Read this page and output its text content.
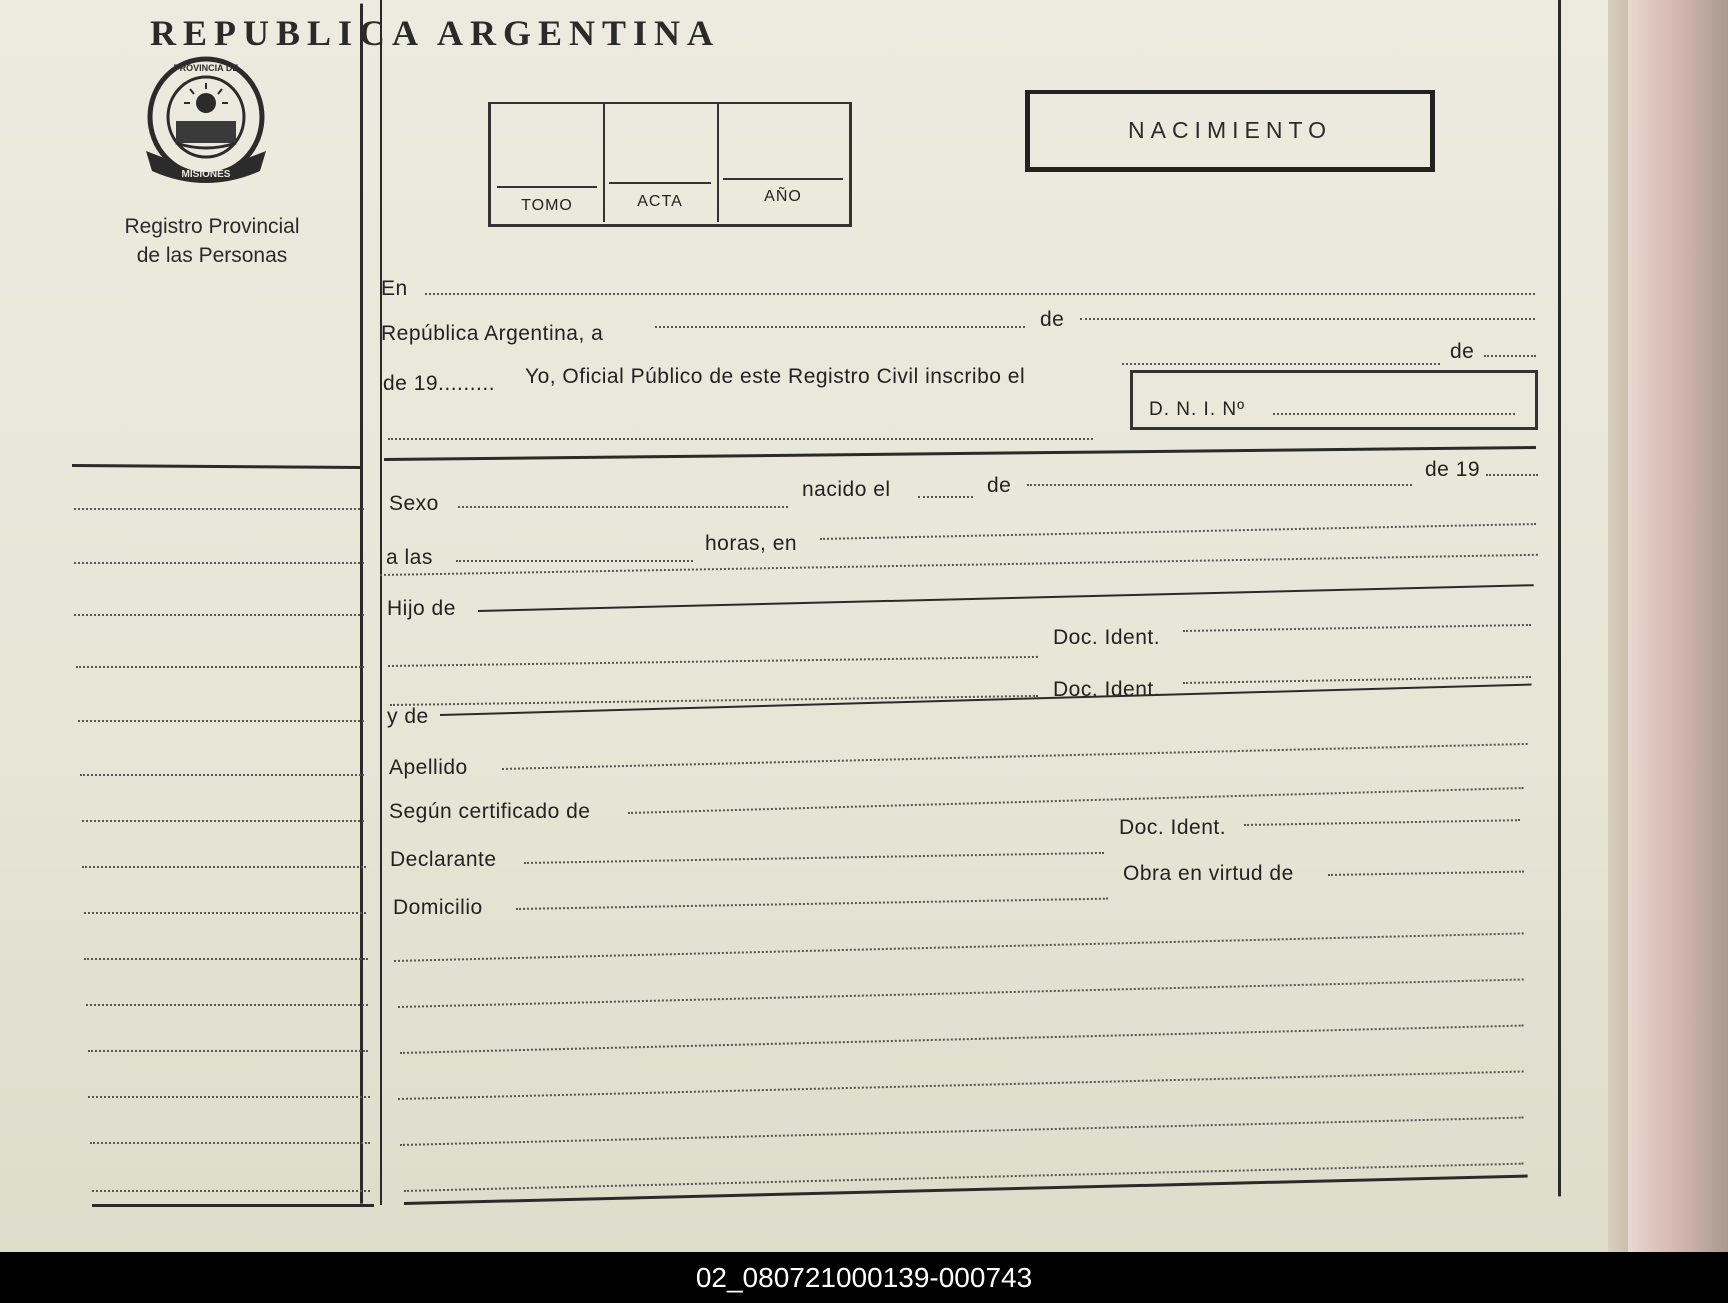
REPUBLICA ARGENTINA
MISIONES
PROVINCIA DE
Registro Provincial
de las Personas
TOMO	ACTA	AÑO
NACIMIENTO
En
República Argentina, a
de
de 19......... Yo, Oficial Público de este Registro Civil inscribo el
de
D. N. I. Nº
Sexo
nacido el	de
de 19
a las
horas, en
Hijo de
Doc. Ident.
Doc. Ident.
y de
Apellido
Según certificado de
Declarante
Doc. Ident.
Domicilio
Obra en virtud de
02_080721000139-000743
